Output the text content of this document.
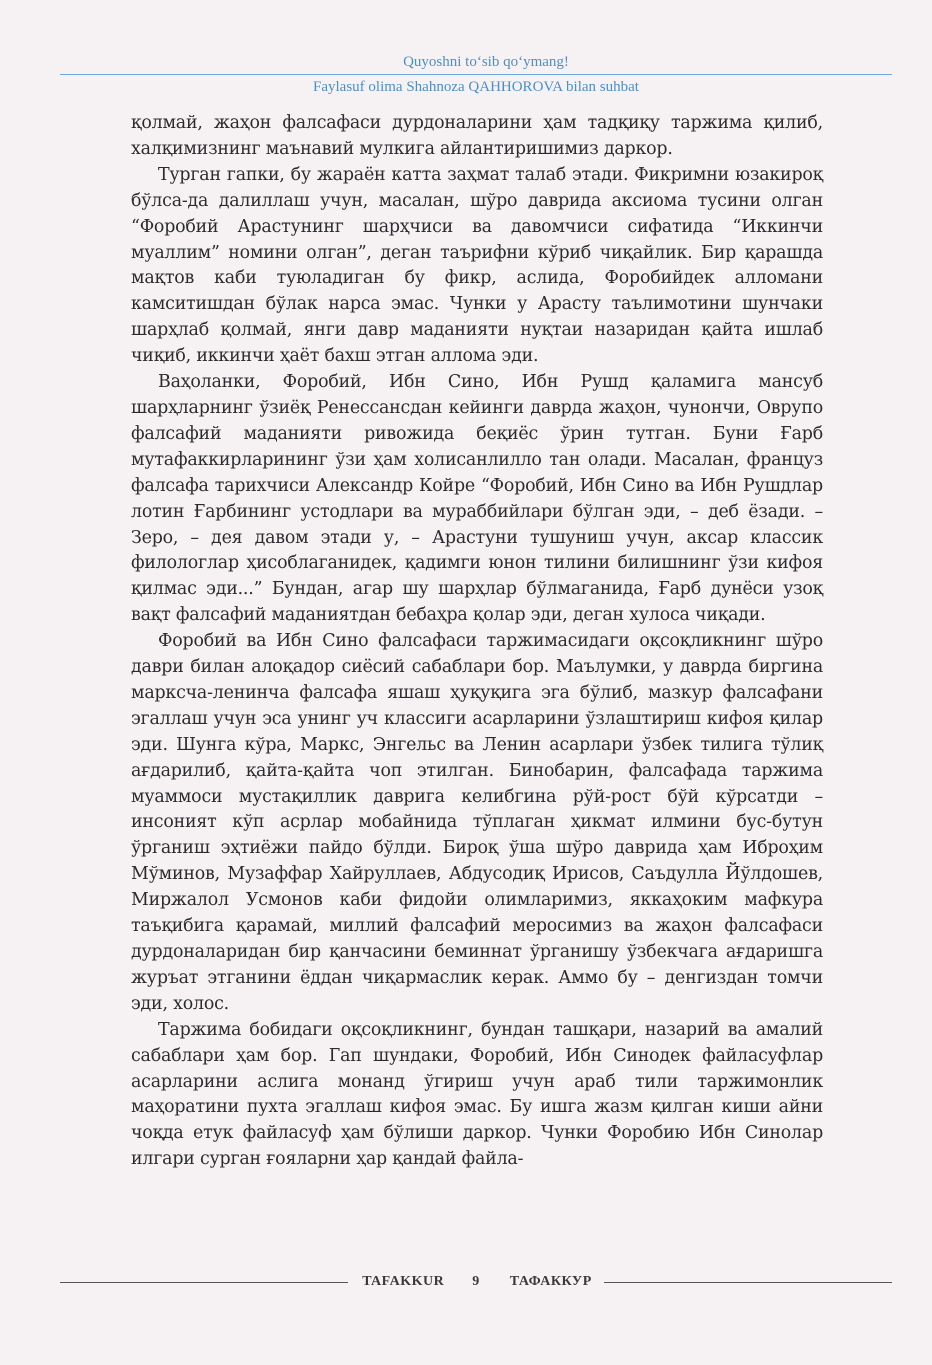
Quyoshni to‘sib qo‘ymang!
Faylasuf olima Shahnoza QAHHOROVA bilan suhbat

қолмай, жаҳон фалсафаси дурдоналарини ҳам тадқиқу таржима қилиб, халқимизнинг маънавий мулкига айлантиришимиз даркор.

Турган гапки, бу жараён катта заҳмат талаб этади. Фикримни юзакироқ бўлса-да далиллаш учун, масалан, шўро даврида аксиома тусини олган “Форобий Арастунинг шарҳчиси ва давомчиси сифатида “Иккинчи муаллим” номини олган”, деган таърифни кўриб чиқайлик. Бир қарашда мақтов каби туюладиган бу фикр, аслида, Форобийдек алломани камситишдан бўлак нарса эмас. Чунки у Арасту таълимотини шунчаки шарҳлаб қолмай, янги давр маданияти нуқтаи назаридан қайта ишлаб чиқиб, иккинчи ҳаёт бахш этган аллома эди.

Ваҳоланки, Форобий, Ибн Сино, Ибн Рушд қаламига мансуб шарҳларнинг ўзиёқ Ренессансдан кейинги даврда жаҳон, чунончи, Оврупо фалсафий маданияти ривожида беқиёс ўрин тутган. Буни Ғарб мутафаккирларининг ўзи ҳам холисанлилло тан олади. Масалан, француз фалсафа тарихчиси Александр Койре “Форобий, Ибн Сино ва Ибн Рушдлар лотин Ғарбининг устодлари ва мураббийлари бўлган эди, – деб ёзади. – Зеро, – дея давом этади у, – Арастуни тушуниш учун, аксар классик филологлар ҳисоблаганидек, қадимги юнон тилини билишнинг ўзи кифоя қилмас эди...” Бундан, агар шу шарҳлар бўлмаганида, Ғарб дунёси узоқ вақт фалсафий маданиятдан бебаҳра қолар эди, деган хулоса чиқади.

Форобий ва Ибн Сино фалсафаси таржимасидаги оқсоқликнинг шўро даври билан алоқадор сиёсий сабаблари бор. Маълумки, у даврда биргина марксча-ленинча фалсафа яшаш ҳуқуқига эга бўлиб, мазкур фалсафани эгаллаш учун эса унинг уч классиги асарларини ўзлаштириш кифоя қилар эди. Шунга кўра, Маркс, Энгельс ва Ленин асарлари ўзбек тилига тўлиқ ағдарилиб, қайта-қайта чоп этилган. Бинобарин, фалсафада таржима муаммоси мустақиллик даврига келибгина рўй-рост бўй кўрсатди – инсоният кўп асрлар мобайнида тўплаган ҳикмат илмини бус-бутун ўрганиш эҳтиёжи пайдо бўлди. Бироқ ўша шўро даврида ҳам Иброҳим Мўминов, Музаффар Хайруллаев, Абдусодиқ Ирисов, Саъдулла Йўлдошев, Миржалол Усмонов каби фидойи олимларимиз, яккаҳоким мафкура таъқибига қарамай, миллий фалсафий меросимиз ва жаҳон фалсафаси дурдоналаридан бир қанчасини беминнат ўрганишу ўзбекчага ағдаришга журъат этганини ёддан чиқармаслик керак. Аммо бу – денгиздан томчи эди, холос.

Таржима бобидаги оқсоқликнинг, бундан ташқари, назарий ва амалий сабаблари ҳам бор. Гап шундаки, Форобий, Ибн Синодек файласуфлар асарларини аслига монанд ўгириш учун араб тили таржимонлик маҳоратини пухта эгаллаш кифоя эмас. Бу ишга жазм қилган киши айни чоқда етук файласуф ҳам бўлиши даркор. Чунки Форобию Ибн Синолар илгари сурган ғояларни ҳар қандай файла-

TAFAKKUR 9 ТАФАККУР
